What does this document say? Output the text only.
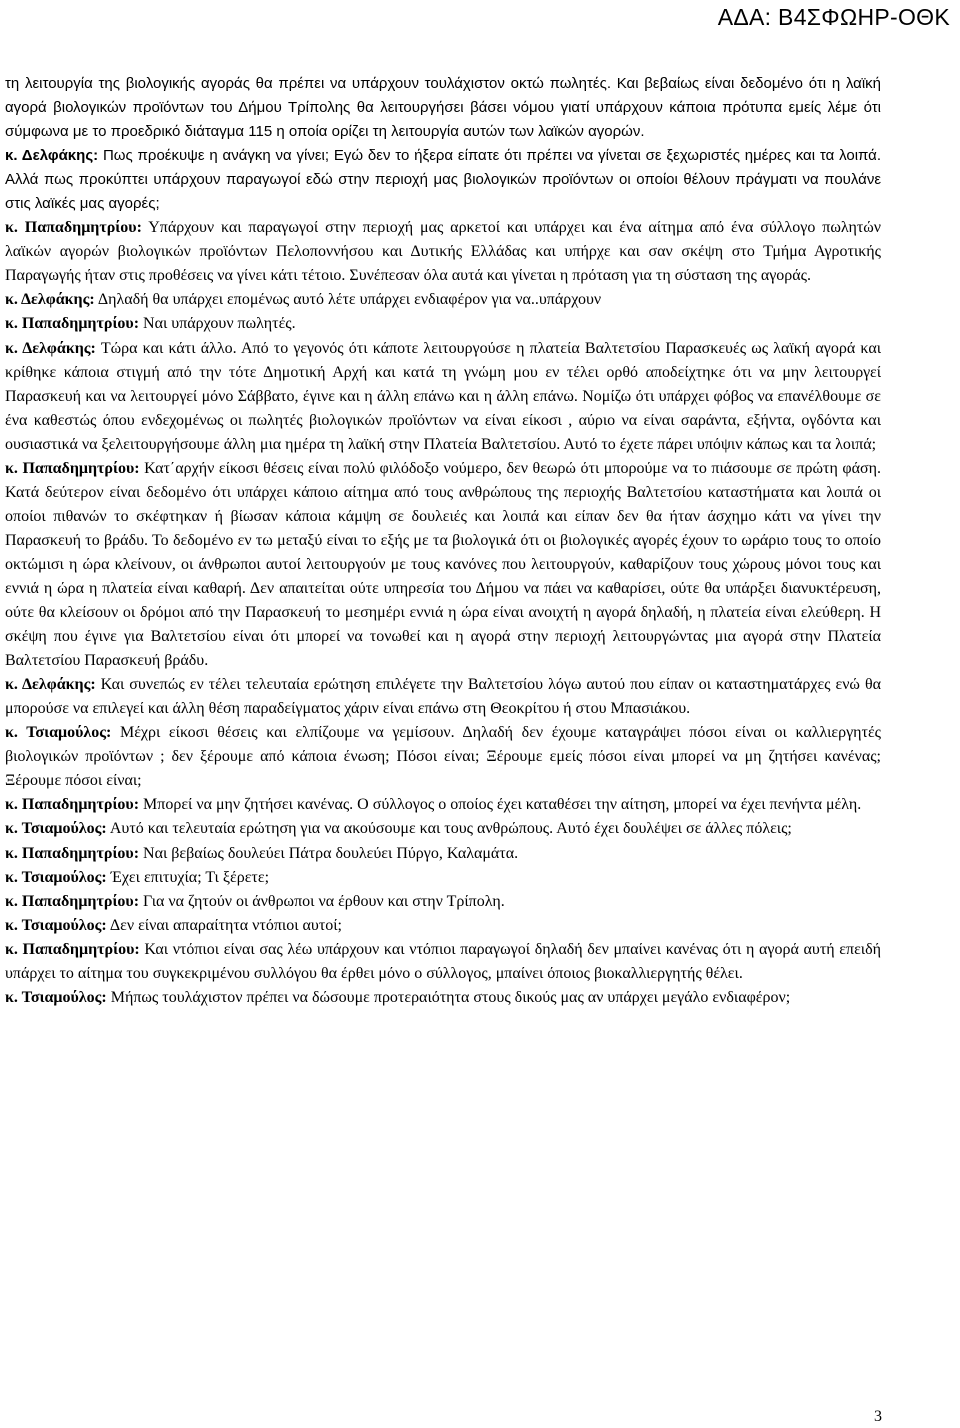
ΑΔΑ: Β4ΣΦΩΗΡ-ΟΘΚ

τη λειτουργία της βιολογικής αγοράς θα πρέπει να υπάρχουν τουλάχιστον οκτώ πωλητές. Και βεβαίως είναι δεδομένο ότι η λαϊκή αγορά βιολογικών προϊόντων του Δήμου Τρίπολης θα λειτουργήσει βάσει νόμου γιατί υπάρχουν κάποια πρότυπα εμείς λέμε ότι σύμφωνα με το προεδρικό διάταγμα 115 η οποία ορίζει τη λειτουργία αυτών των λαϊκών αγορών.

κ. Δελφάκης: Πως προέκυψε η ανάγκη να γίνει; Εγώ δεν το ήξερα είπατε ότι πρέπει να γίνεται σε ξεχωριστές ημέρες και τα λοιπά. Αλλά πως προκύπτει υπάρχουν παραγωγοί εδώ στην περιοχή μας βιολογικών προϊόντων οι οποίοι θέλουν πράγματι να πουλάνε στις λαϊκές μας αγορές;

κ. Παπαδημητρίου: Υπάρχουν και παραγωγοί στην περιοχή μας αρκετοί και υπάρχει και ένα αίτημα από ένα σύλλογο πωλητών λαϊκών αγορών βιολογικών προϊόντων Πελοποννήσου και Δυτικής Ελλάδας και υπήρχε και σαν σκέψη στο Τμήμα Αγροτικής Παραγωγής ήταν στις προθέσεις να γίνει κάτι τέτοιο. Συνέπεσαν όλα αυτά και γίνεται η πρόταση για τη σύσταση της αγοράς.

κ. Δελφάκης: Δηλαδή θα υπάρχει επομένως αυτό λέτε υπάρχει ενδιαφέρον για να..υπάρχουν

κ. Παπαδημητρίου: Ναι υπάρχουν πωλητές.

κ. Δελφάκης: Τώρα και κάτι άλλο. Από το γεγονός ότι κάποτε λειτουργούσε η πλατεία Βαλτετσίου Παρασκευές ως λαϊκή αγορά και κρίθηκε κάποια στιγμή από την τότε Δημοτική Αρχή και κατά τη γνώμη μου εν τέλει ορθό αποδείχτηκε ότι να μην λειτουργεί Παρασκευή και να λειτουργεί μόνο Σάββατο, έγινε και η άλλη επάνω και η άλλη επάνω. Νομίζω ότι υπάρχει φόβος να επανέλθουμε σε ένα καθεστώς όπου ενδεχομένως οι πωλητές βιολογικών προϊόντων να είναι είκοσι , αύριο να είναι σαράντα, εξήντα, ογδόντα και ουσιαστικά να ξελειτουργήσουμε άλλη μια ημέρα τη λαϊκή στην Πλατεία Βαλτετσίου. Αυτό το έχετε πάρει υπόψιν κάπως και τα λοιπά;

κ. Παπαδημητρίου: Κατ΄αρχήν είκοσι θέσεις είναι πολύ φιλόδοξο νούμερο, δεν θεωρώ ότι μπορούμε να το πιάσουμε σε πρώτη φάση. Κατά δεύτερον είναι δεδομένο ότι υπάρχει κάποιο αίτημα από τους ανθρώπους της περιοχής Βαλτετσίου καταστήματα και λοιπά οι οποίοι πιθανών το σκέφτηκαν ή βίωσαν κάποια κάμψη σε δουλειές και λοιπά και είπαν δεν θα ήταν άσχημο κάτι να γίνει την Παρασκευή το βράδυ. Το δεδομένο εν τω μεταξύ είναι το εξής με τα βιολογικά ότι οι βιολογικές αγορές έχουν το ωράριο τους το οποίο οκτώμισι η ώρα κλείνουν, οι άνθρωποι αυτοί λειτουργούν με τους κανόνες που λειτουργούν, καθαρίζουν τους χώρους μόνοι τους και εννιά η ώρα η πλατεία είναι καθαρή. Δεν απαιτείται ούτε υπηρεσία του Δήμου να πάει να καθαρίσει, ούτε θα υπάρξει διανυκτέρευση, ούτε θα κλείσουν οι δρόμοι από την Παρασκευή το μεσημέρι εννιά η ώρα είναι ανοιχτή η αγορά δηλαδή, η πλατεία είναι ελεύθερη. Η σκέψη που έγινε για Βαλτετσίου είναι ότι μπορεί να τονωθεί και η αγορά στην περιοχή λειτουργώντας μια αγορά στην Πλατεία Βαλτετσίου Παρασκευή βράδυ.

κ. Δελφάκης: Και συνεπώς εν τέλει τελευταία ερώτηση επιλέγετε την Βαλτετσίου λόγω αυτού που είπαν οι καταστηματάρχες ενώ θα μπορούσε να επιλεγεί και άλλη θέση παραδείγματος χάριν είναι επάνω στη Θεοκρίτου ή στου Μπασιάκου.

κ. Τσιαμούλος: Μέχρι είκοσι θέσεις και ελπίζουμε να γεμίσουν. Δηλαδή δεν έχουμε καταγράψει πόσοι είναι οι καλλιεργητές βιολογικών προϊόντων ; δεν ξέρουμε από κάποια ένωση; Πόσοι είναι; Ξέρουμε εμείς πόσοι είναι μπορεί να μη ζητήσει κανένας; Ξέρουμε πόσοι είναι;

κ. Παπαδημητρίου: Μπορεί να μην ζητήσει κανένας. Ο σύλλογος ο οποίος έχει καταθέσει την αίτηση, μπορεί να έχει πενήντα μέλη.

κ. Τσιαμούλος: Αυτό και τελευταία ερώτηση για να ακούσουμε και τους ανθρώπους. Αυτό έχει δουλέψει σε άλλες πόλεις;

κ. Παπαδημητρίου: Ναι βεβαίως δουλεύει Πάτρα δουλεύει Πύργο, Καλαμάτα.

κ. Τσιαμούλος: Έχει επιτυχία; Τι ξέρετε;

κ. Παπαδημητρίου: Για να ζητούν οι άνθρωποι να έρθουν και στην Τρίπολη.

κ. Τσιαμούλος: Δεν είναι απαραίτητα ντόπιοι αυτοί;

κ. Παπαδημητρίου: Και ντόπιοι είναι σας λέω υπάρχουν και ντόπιοι παραγωγοί δηλαδή δεν μπαίνει κανένας ότι η αγορά αυτή επειδή υπάρχει το αίτημα του συγκεκριμένου συλλόγου θα έρθει μόνο ο σύλλογος, μπαίνει όποιος βιοκαλλιεργητής θέλει.

κ. Τσιαμούλος: Μήπως τουλάχιστον πρέπει να δώσουμε προτεραιότητα στους δικούς μας αν υπάρχει μεγάλο ενδιαφέρον;

3
